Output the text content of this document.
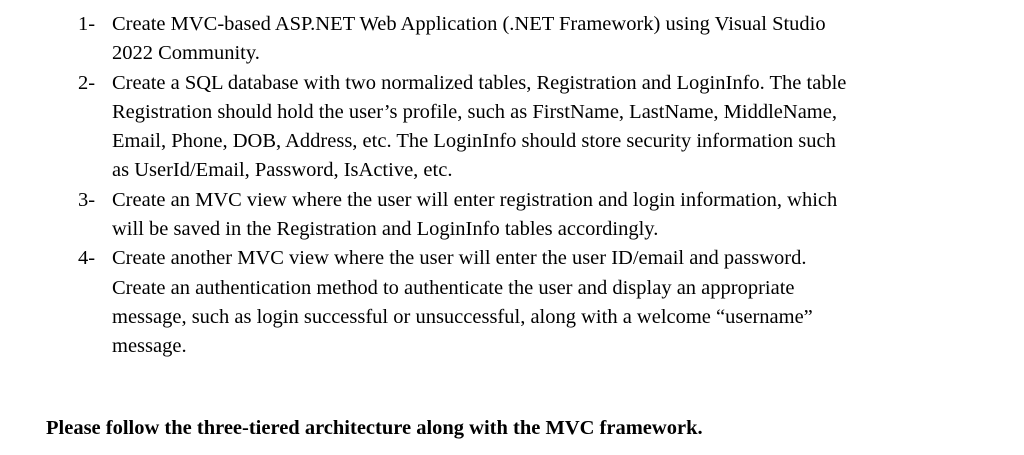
1- Create MVC-based ASP.NET Web Application (.NET Framework) using Visual Studio
2022 Community.
2- Create a SQL database with two normalized tables, Registration and LoginInfo. The table
Registration should hold the user’s profile, such as FirstName, LastName, MiddleName,
Email, Phone, DOB, Address, etc. The LoginInfo should store security information such
as UserId/Email, Password, IsActive, etc.
3- Create an MVC view where the user will enter registration and login information, which
will be saved in the Registration and LoginInfo tables accordingly.
4- Create another MVC view where the user will enter the user ID/email and password.
Create an authentication method to authenticate the user and display an appropriate
message, such as login successful or unsuccessful, along with a welcome “username”
message.

Please follow the three-tiered architecture along with the MVC framework.
